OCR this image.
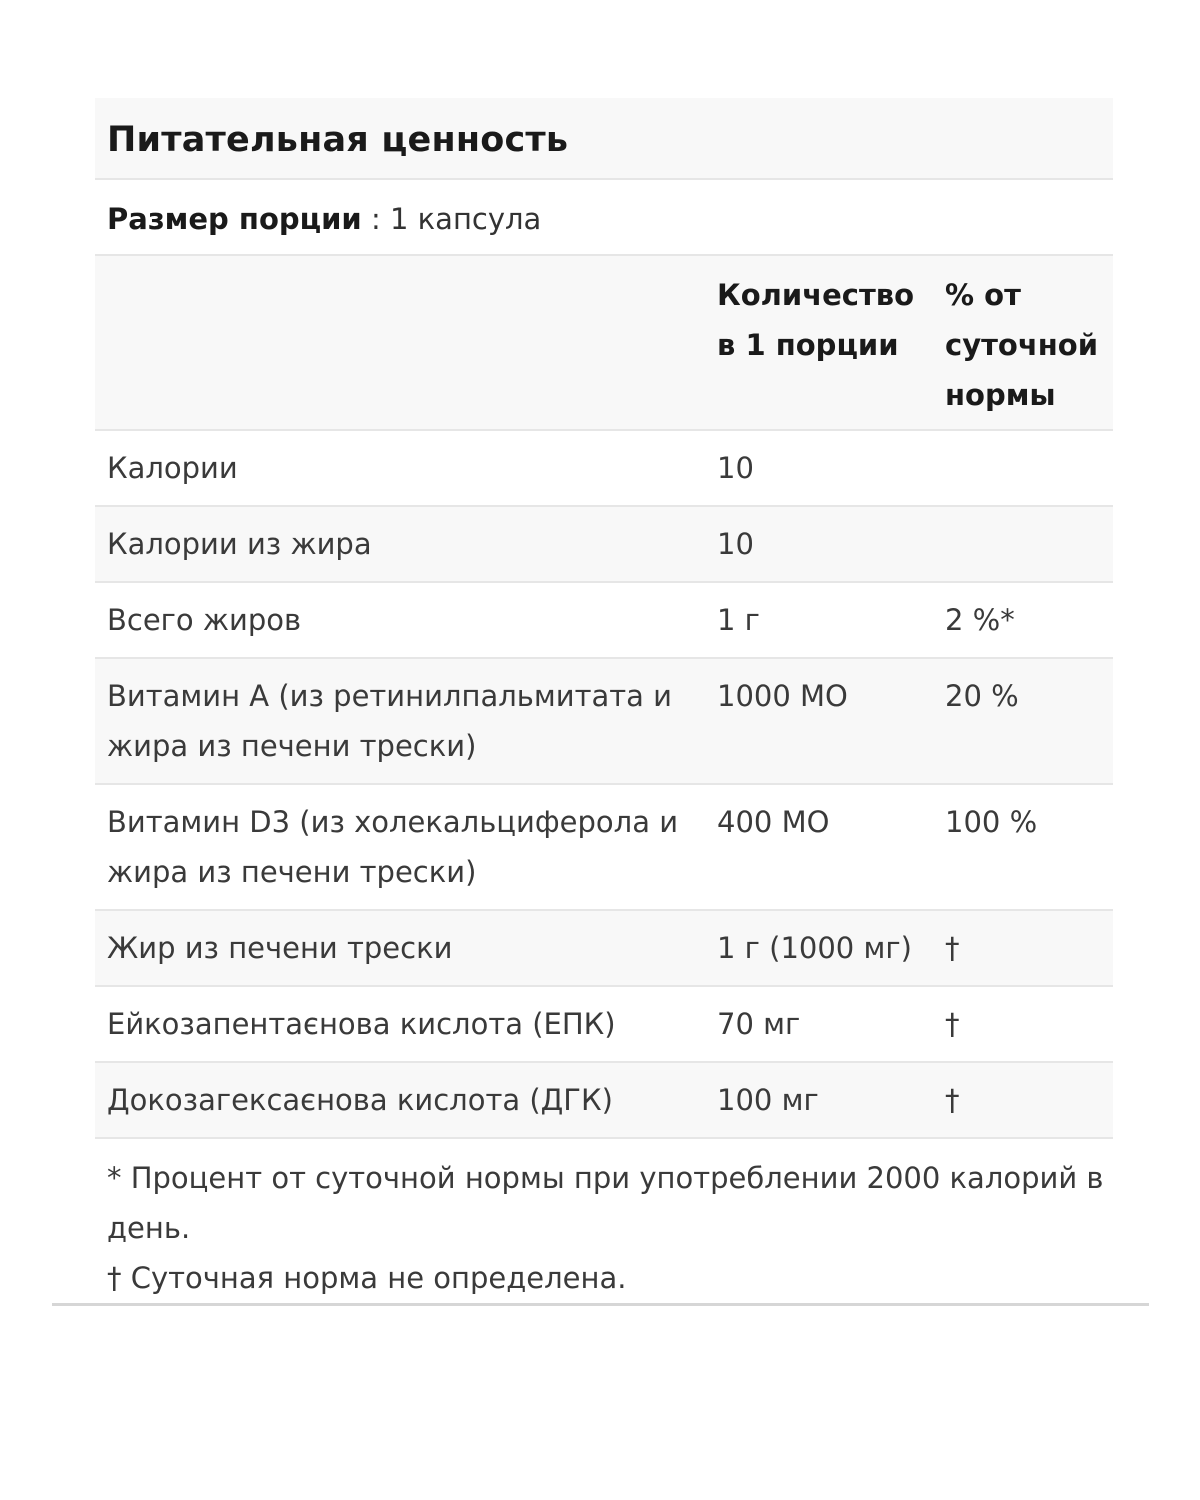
Питательная ценность
Размер порции : 1 капсула
	Количество в 1 порции	% от суточной нормы
Калории	10	
Калории из жира	10	
Всего жиров	1 г	2 %*
Витамин А (из ретинилпальмитата и жира из печени трески)	1000 МО	20 %
Витамин D3 (из холекальциферола и жира из печени трески)	400 МО	100 %
Жир из печени трески	1 г (1000 мг)	†
Ейкозапентаєнова кислота (ЕПК)	70 мг	†
Докозагексаєнова кислота (ДГК)	100 мг	†
* Процент от суточной нормы при употреблении 2000 калорий в день.
† Суточная норма не определена.
